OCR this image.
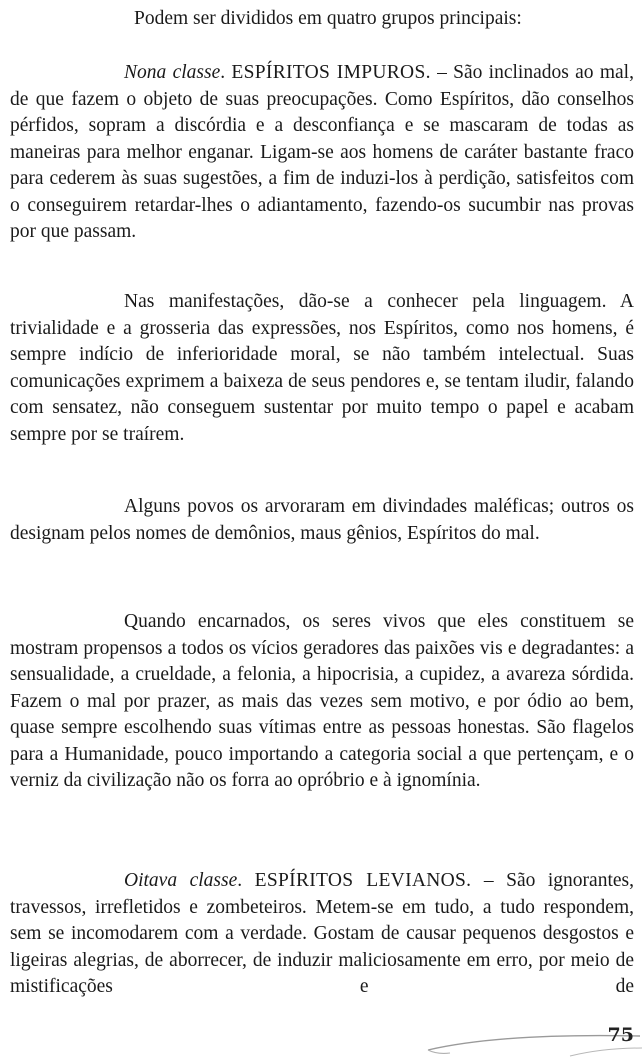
Podem ser divididos em quatro grupos principais:

Nona classe. ESPÍRITOS IMPUROS. – São inclinados ao mal, de que fazem o objeto de suas preocupações. Como Espíritos, dão conselhos pérfidos, sopram a discórdia e a desconfiança e se mascaram de todas as maneiras para melhor enganar. Ligam-se aos homens de caráter bastante fraco para cederem às suas sugestões, a fim de induzi-los à perdição, satisfeitos com o conseguirem retardar-lhes o adiantamento, fazendo-os sucumbir nas provas por que passam.

Nas manifestações, dão-se a conhecer pela linguagem. A trivialidade e a grosseria das expressões, nos Espíritos, como nos homens, é sempre indício de inferioridade moral, se não também intelectual. Suas comunicações exprimem a baixeza de seus pendores e, se tentam iludir, falando com sensatez, não conseguem sustentar por muito tempo o papel e acabam sempre por se traírem.

Alguns povos os arvoraram em divindades maléficas; outros os designam pelos nomes de demônios, maus gênios, Espíritos do mal.

Quando encarnados, os seres vivos que eles constituem se mostram propensos a todos os vícios geradores das paixões vis e degradantes: a sensualidade, a crueldade, a felonia, a hipocrisia, a cupidez, a avareza sórdida. Fazem o mal por prazer, as mais das vezes sem motivo, e por ódio ao bem, quase sempre escolhendo suas vítimas entre as pessoas honestas. São flagelos para a Humanidade, pouco importando a categoria social a que pertençam, e o verniz da civilização não os forra ao opróbrio e à ignomínia.

Oitava classe. ESPÍRITOS LEVIANOS. – São ignorantes, travessos, irrefletidos e zombeteiros. Metem-se em tudo, a tudo respondem, sem se incomodarem com a verdade. Gostam de causar pequenos desgostos e ligeiras alegrias, de aborrecer, de induzir maliciosamente em erro, por meio de mistificações e de

75
